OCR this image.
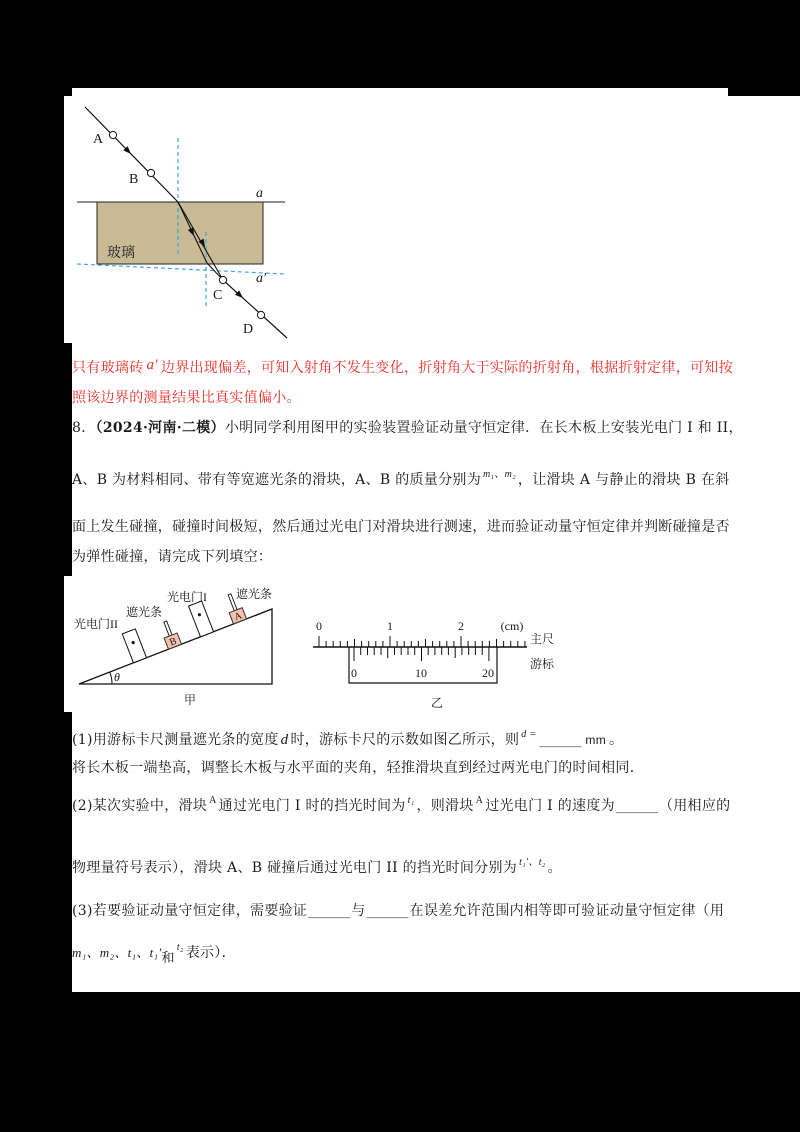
A
B
C
D
a
a′
玻璃
只有玻璃砖 a′ 边界出现偏差，可知入射角不发生变化，折射角大于实际的折射角，根据折射定律，可知按
照该边界的测量结果比真实值偏小。
8．（2024·河南·二模）小明同学利用图甲的实验装置验证动量守恒定律．在长木板上安装光电门 I 和 II，
A、B 为材料相同、带有等宽遮光条的滑块，A、B 的质量分别为 $^{m_1、m_2}$ ，让滑块 A 与静止的滑块 B 在斜
面上发生碰撞，碰撞时间极短，然后通过光电门对滑块进行测速，进而验证动量守恒定律并判断碰撞是否
为弹性碰撞，请完成下列填空：
θ
B
A
光电门II
遮光条
光电门I 遮光条
甲
0	1	2	(cm)
主尺
游标
0	10	20
乙
(1)用游标卡尺测量遮光条的宽度 d 时，游标卡尺的示数如图乙所示，则 $^{d =}$ ______ mm 。
将长木板一端垫高，调整长木板与水平面的夹角，轻推滑块直到经过两光电门的时间相同．
(2)某次实验中，滑块 $^A$ 通过光电门 I 时的挡光时间为 $^{t_1}$ ，则滑块 $^A$ 过光电门 I 的速度为______（用相应的
物理量符号表示），滑块 A、B 碰撞后通过光电门 II 的挡光时间分别为 $^{t_1'、t_2}$ 。
(3)若要验证动量守恒定律，需要验证______与______在误差允许范围内相等即可验证动量守恒定律（用
m₁、m₂、t₁、t₁′和$^{t_2}$ 表示）．
